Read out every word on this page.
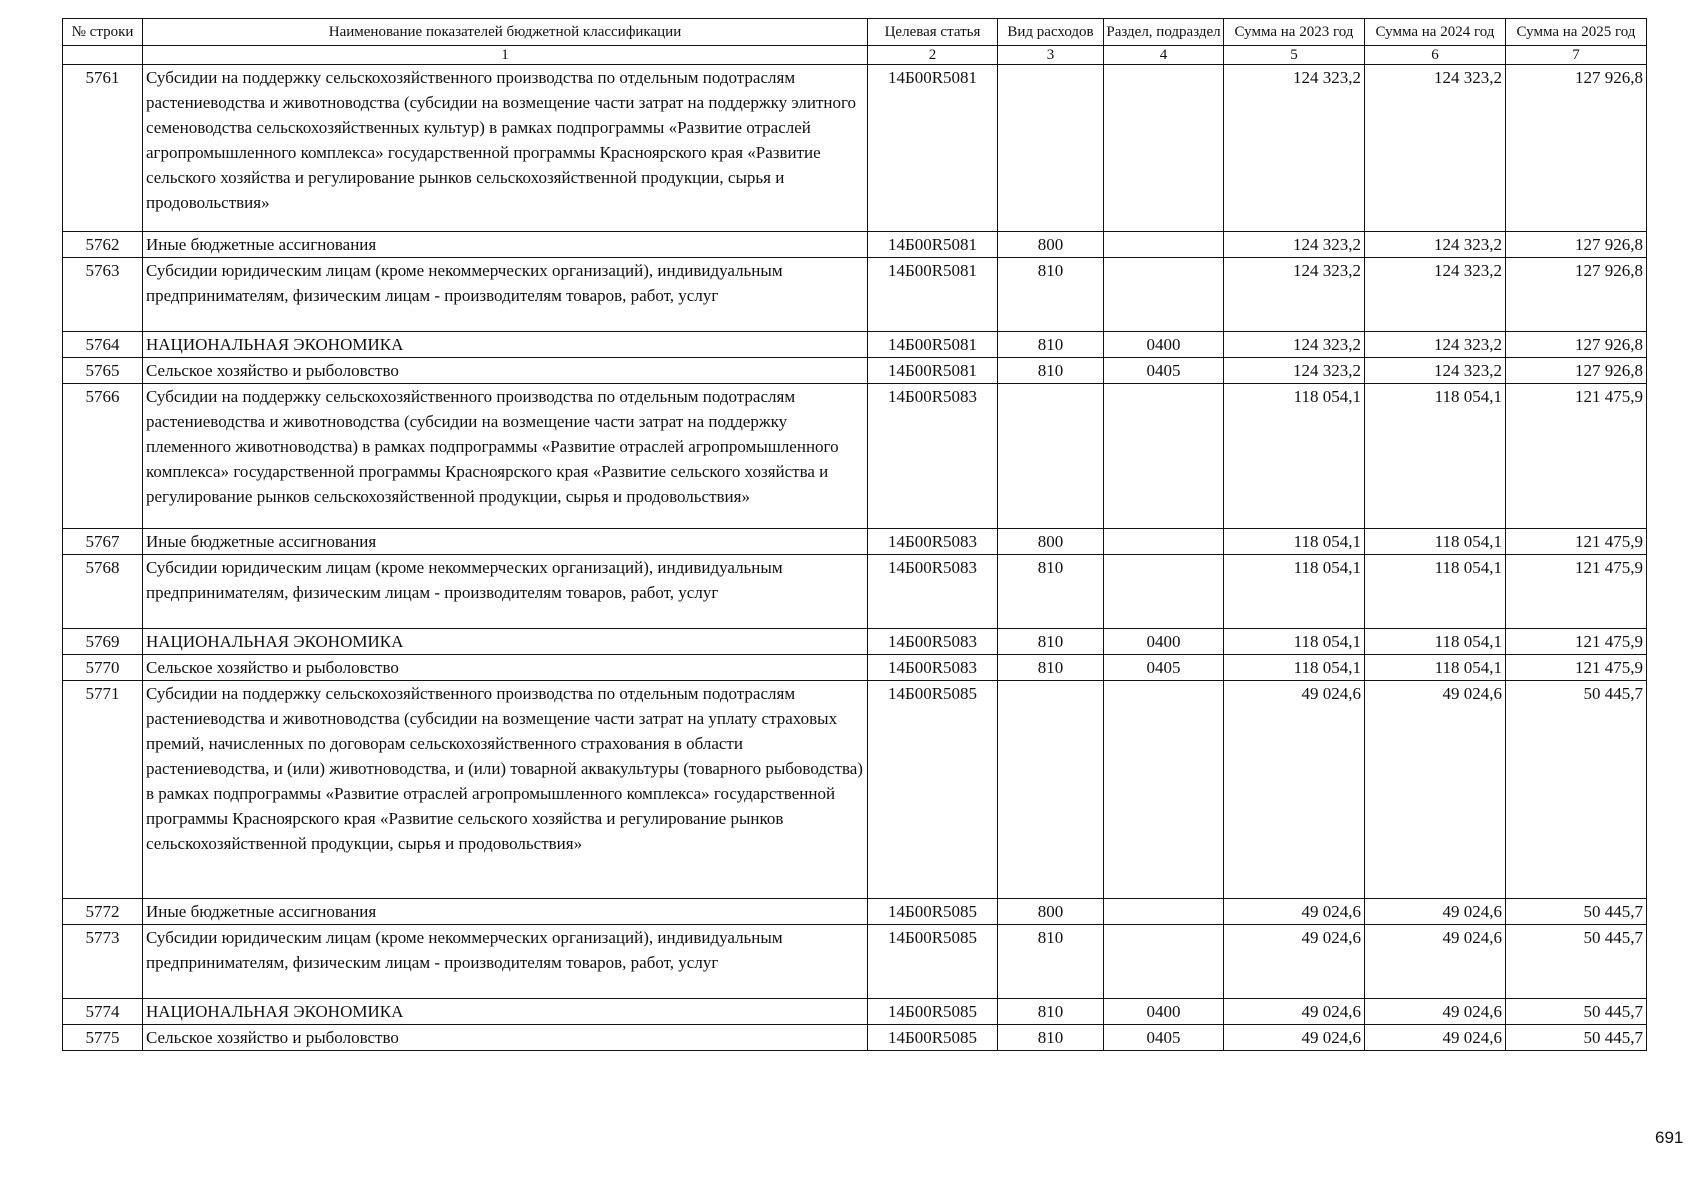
№ строки	Наименование показателей бюджетной классификации	Целевая статья	Вид расходов	Раздел, подраздел	Сумма на 2023 год	Сумма на 2024 год	Сумма на 2025 год
	1	2	3	4	5	6	7
5761	Субсидии на поддержку сельскохозяйственного производства по отдельным подотраслям растениеводства и животноводства (субсидии на возмещение части затрат на поддержку элитного семеноводства сельскохозяйственных культур) в рамках подпрограммы «Развитие отраслей агропромышленного комплекса» государственной программы Красноярского края «Развитие сельского хозяйства и регулирование рынков сельскохозяйственной продукции, сырья и продовольствия»	14Б00R5081			124 323,2	124 323,2	127 926,8
5762	Иные бюджетные ассигнования	14Б00R5081	800		124 323,2	124 323,2	127 926,8
5763	Субсидии юридическим лицам (кроме некоммерческих организаций), индивидуальным предпринимателям, физическим лицам - производителям товаров, работ, услуг	14Б00R5081	810		124 323,2	124 323,2	127 926,8
5764	НАЦИОНАЛЬНАЯ ЭКОНОМИКА	14Б00R5081	810	0400	124 323,2	124 323,2	127 926,8
5765	Сельское хозяйство и рыболовство	14Б00R5081	810	0405	124 323,2	124 323,2	127 926,8
5766	Субсидии на поддержку сельскохозяйственного производства по отдельным подотраслям растениеводства и животноводства (субсидии на возмещение части затрат на поддержку племенного животноводства) в рамках подпрограммы «Развитие отраслей агропромышленного комплекса» государственной программы Красноярского края «Развитие сельского хозяйства и регулирование рынков сельскохозяйственной продукции, сырья и продовольствия»	14Б00R5083			118 054,1	118 054,1	121 475,9
5767	Иные бюджетные ассигнования	14Б00R5083	800		118 054,1	118 054,1	121 475,9
5768	Субсидии юридическим лицам (кроме некоммерческих организаций), индивидуальным предпринимателям, физическим лицам - производителям товаров, работ, услуг	14Б00R5083	810		118 054,1	118 054,1	121 475,9
5769	НАЦИОНАЛЬНАЯ ЭКОНОМИКА	14Б00R5083	810	0400	118 054,1	118 054,1	121 475,9
5770	Сельское хозяйство и рыболовство	14Б00R5083	810	0405	118 054,1	118 054,1	121 475,9
5771	Субсидии на поддержку сельскохозяйственного производства по отдельным подотраслям растениеводства и животноводства (субсидии на возмещение части затрат на уплату страховых премий, начисленных по договорам сельскохозяйственного страхования в области растениеводства, и (или) животноводства, и (или) товарной аквакультуры (товарного рыбоводства) в рамках подпрограммы «Развитие отраслей агропромышленного комплекса» государственной программы Красноярского края «Развитие сельского хозяйства и регулирование рынков сельскохозяйственной продукции, сырья и продовольствия»	14Б00R5085			49 024,6	49 024,6	50 445,7
5772	Иные бюджетные ассигнования	14Б00R5085	800		49 024,6	49 024,6	50 445,7
5773	Субсидии юридическим лицам (кроме некоммерческих организаций), индивидуальным предпринимателям, физическим лицам - производителям товаров, работ, услуг	14Б00R5085	810		49 024,6	49 024,6	50 445,7
5774	НАЦИОНАЛЬНАЯ ЭКОНОМИКА	14Б00R5085	810	0400	49 024,6	49 024,6	50 445,7
5775	Сельское хозяйство и рыболовство	14Б00R5085	810	0405	49 024,6	49 024,6	50 445,7
691
